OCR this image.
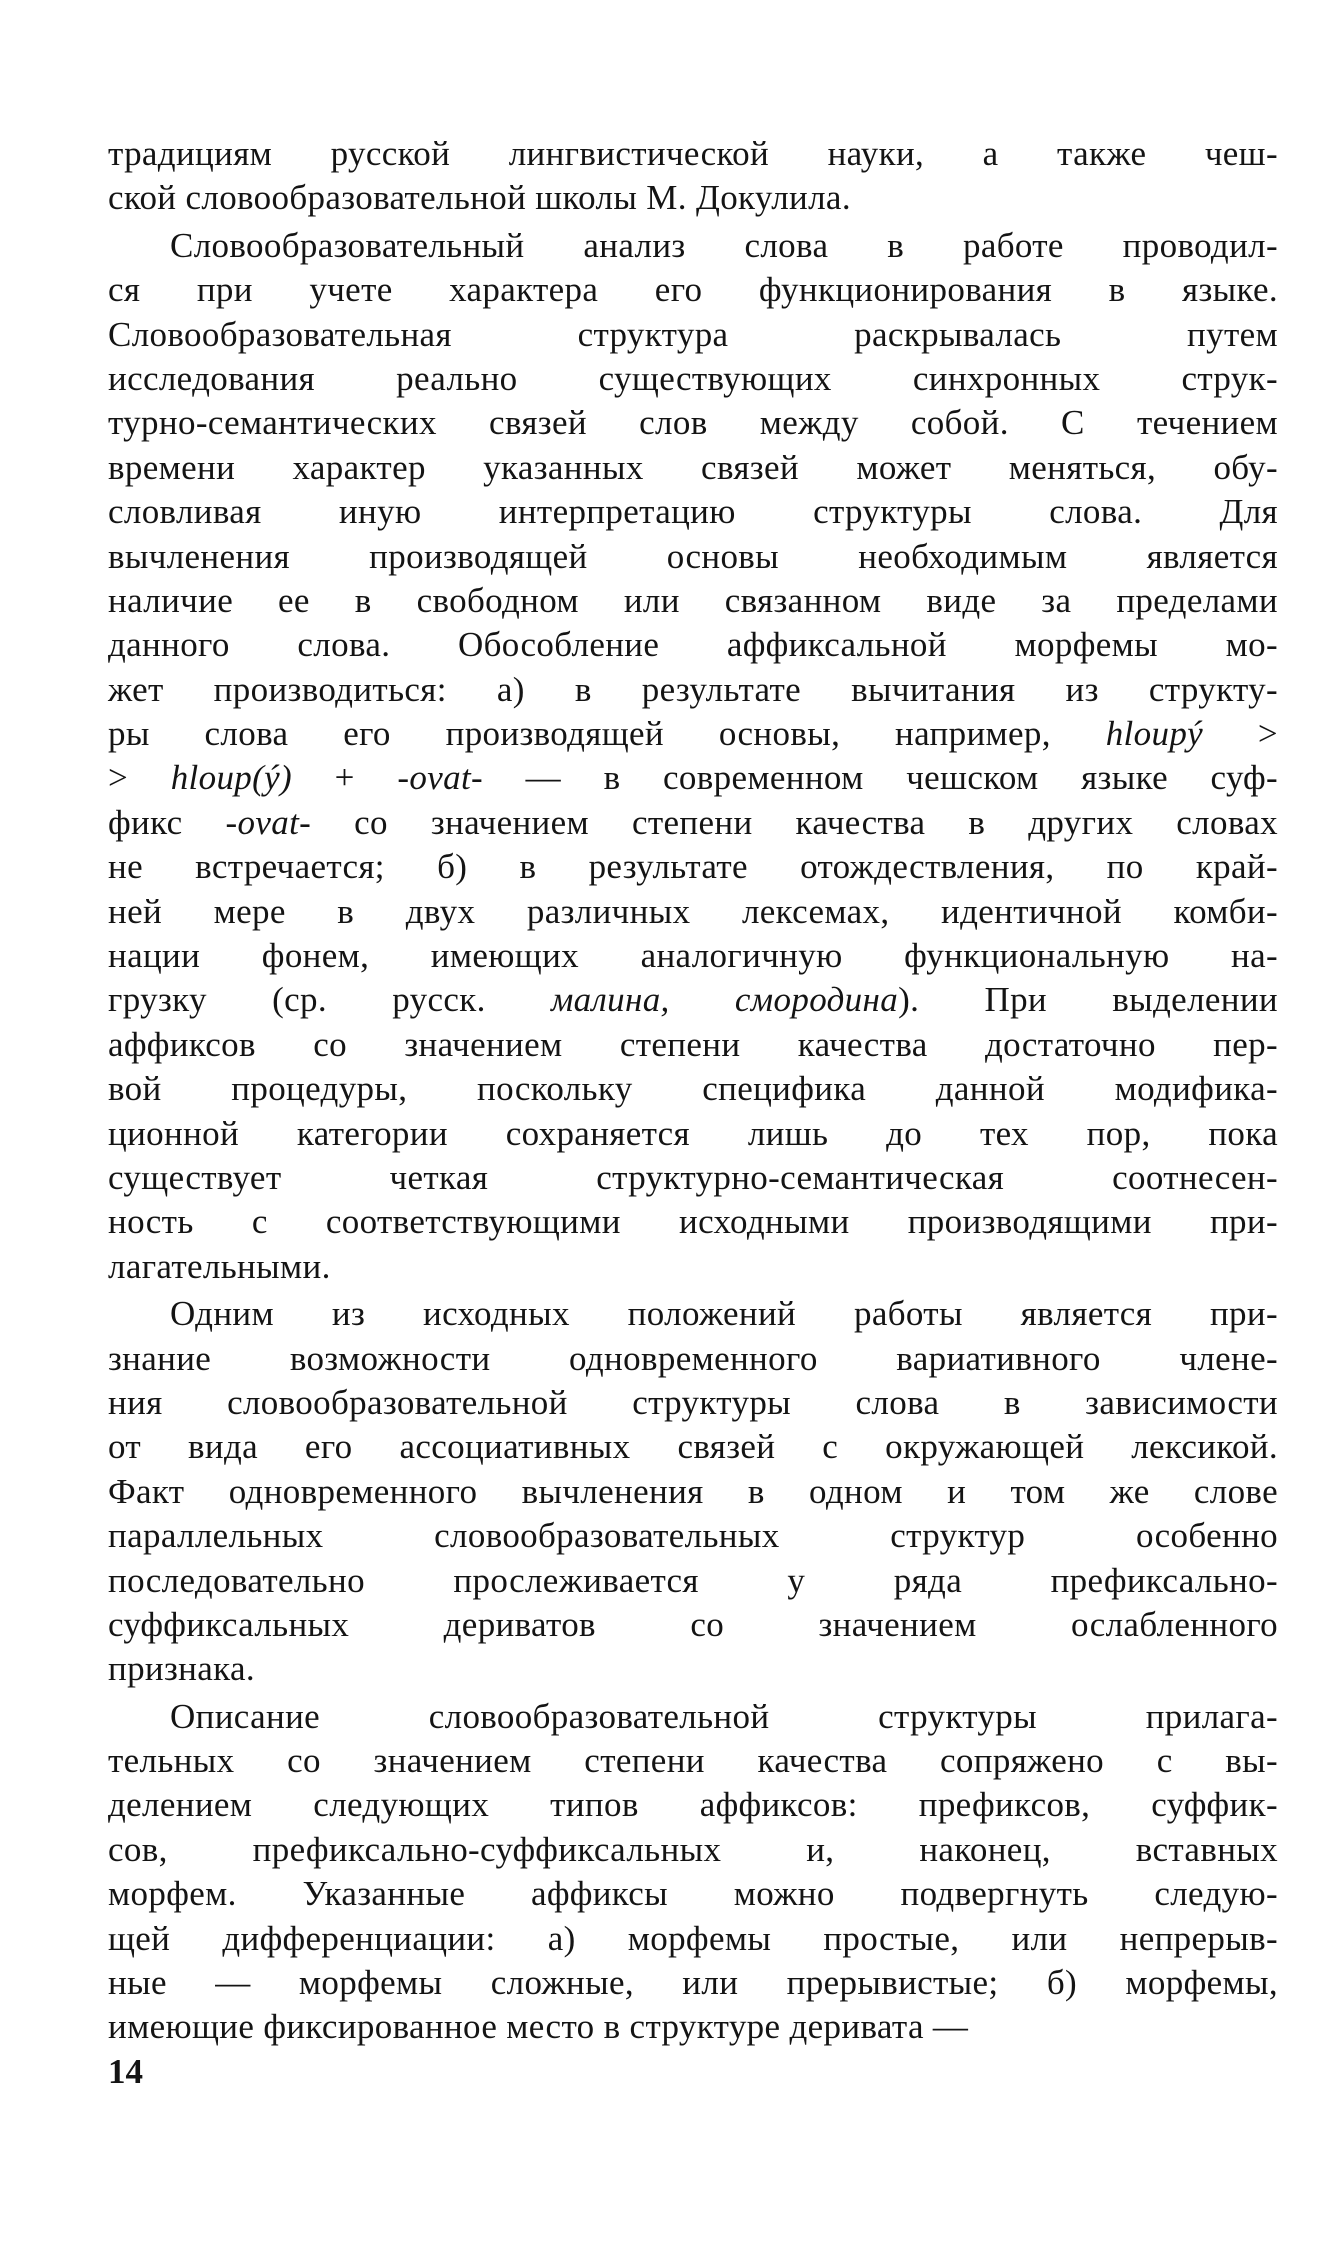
традициям русской лингвистической науки, а также чеш-
ской словообразовательной школы М. Докулила.
Словообразовательный анализ слова в работе проводил-
ся при учете характера его функционирования в языке.
Словообразовательная структура раскрывалась путем
исследования реально существующих синхронных струк-
турно-семантических связей слов между собой. С течением
времени характер указанных связей может меняться, обу-
словливая иную интерпретацию структуры слова. Для
вычленения производящей основы необходимым является
наличие ее в свободном или связанном виде за пределами
данного слова. Обособление аффиксальной морфемы мо-
жет производиться: а) в результате вычитания из структу-
ры слова его производящей основы, например, hloupý >
> hloup(ý) + -ovat- — в современном чешском языке суф-
фикс -ovat- со значением степени качества в других словах
не встречается; б) в результате отождествления, по край-
ней мере в двух различных лексемах, идентичной комби-
нации фонем, имеющих аналогичную функциональную на-
грузку (ср. русск. малина, смородина). При выделении
аффиксов со значением степени качества достаточно пер-
вой процедуры, поскольку специфика данной модифика-
ционной категории сохраняется лишь до тех пор, пока
существует четкая структурно-семантическая соотнесен-
ность с соответствующими исходными производящими при-
лагательными.
Одним из исходных положений работы является при-
знание возможности одновременного вариативного члене-
ния словообразовательной структуры слова в зависимости
от вида его ассоциативных связей с окружающей лексикой.
Факт одновременного вычленения в одном и том же слове
параллельных словообразовательных структур особенно
последовательно прослеживается у ряда префиксально-
суффиксальных дериватов со значением ослабленного
признака.
Описание словообразовательной структуры прилага-
тельных со значением степени качества сопряжено с вы-
делением следующих типов аффиксов: префиксов, суффик-
сов, префиксально-суффиксальных и, наконец, вставных
морфем. Указанные аффиксы можно подвергнуть следую-
щей дифференциации: а) морфемы простые, или непрерыв-
ные — морфемы сложные, или прерывистые; б) морфемы,
имеющие фиксированное место в структуре деривата —
14
